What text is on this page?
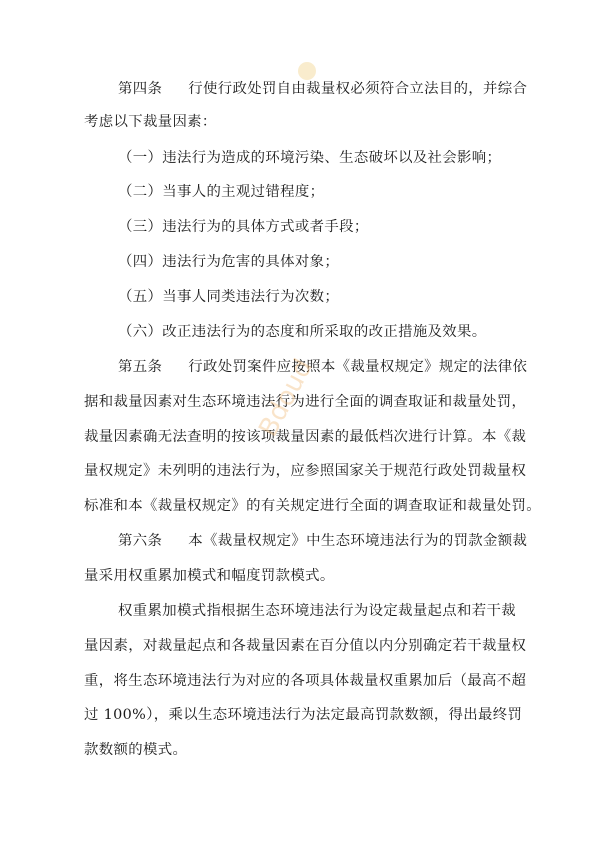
第四条 行使行政处罚自由裁量权必须符合立法目的，并综合
考虑以下裁量因素：
（一）违法行为造成的环境污染、生态破坏以及社会影响；
（二）当事人的主观过错程度；
（三）违法行为的具体方式或者手段；
（四）违法行为危害的具体对象；
（五）当事人同类违法行为次数；
（六）改正违法行为的态度和所采取的改正措施及效果。
第五条 行政处罚案件应按照本《裁量权规定》规定的法律依
据和裁量因素对生态环境违法行为进行全面的调查取证和裁量处罚，
裁量因素确无法查明的按该项裁量因素的最低档次进行计算。本《裁
量权规定》未列明的违法行为，应参照国家关于规范行政处罚裁量权
标准和本《裁量权规定》的有关规定进行全面的调查取证和裁量处罚。
第六条 本《裁量权规定》中生态环境违法行为的罚款金额裁
量采用权重累加模式和幅度罚款模式。
权重累加模式指根据生态环境违法行为设定裁量起点和若干裁
量因素，对裁量起点和各裁量因素在百分值以内分别确定若干裁量权
重，将生态环境违法行为对应的各项具体裁量权重累加后（最高不超
过 100%），乘以生态环境违法行为法定最高罚款数额，得出最终罚
款数额的模式。
Bdoud
